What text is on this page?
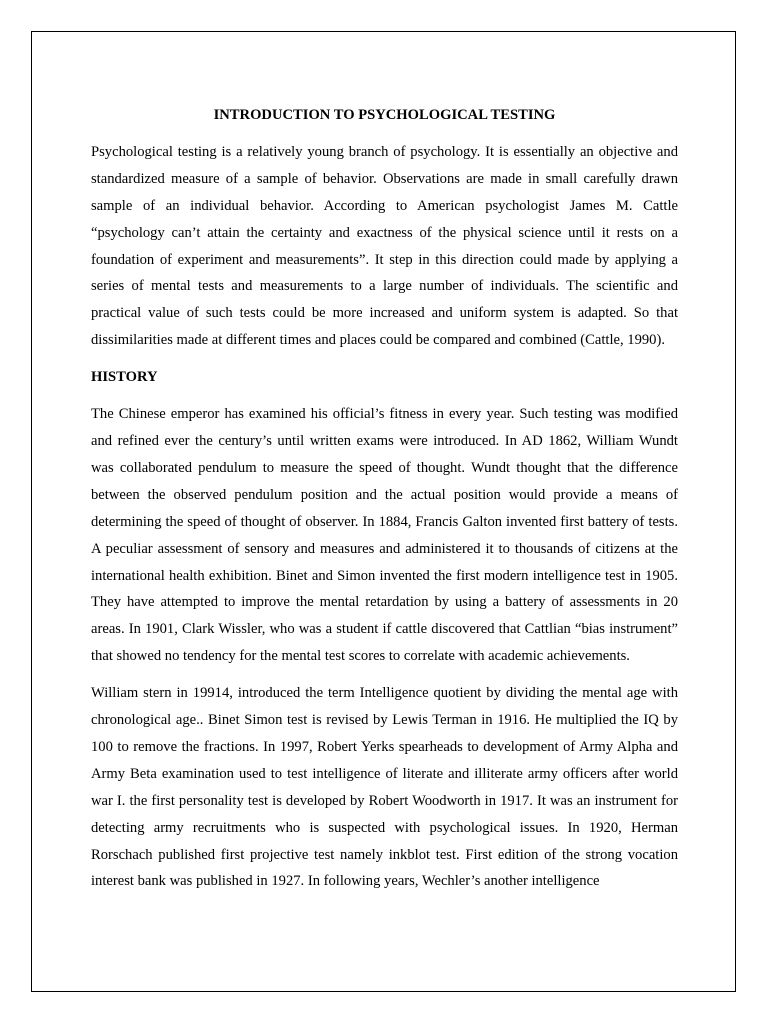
INTRODUCTION TO PSYCHOLOGICAL TESTING

Psychological testing is a relatively young branch of psychology. It is essentially an objective and standardized measure of a sample of behavior. Observations are made in small carefully drawn sample of an individual behavior. According to American psychologist James M. Cattle “psychology can’t attain the certainty and exactness of the physical science until it rests on a foundation of experiment and measurements”. It step in this direction could made by applying a series of mental tests and measurements to a large number of individuals. The scientific and practical value of such tests could be more increased and uniform system is adapted. So that dissimilarities made at different times and places could be compared and combined (Cattle, 1990).

HISTORY

The Chinese emperor has examined his official’s fitness in every year. Such testing was modified and refined ever the century’s until written exams were introduced. In AD 1862, William Wundt was collaborated pendulum to measure the speed of thought. Wundt thought that the difference between the observed pendulum position and the actual position would provide a means of determining the speed of thought of observer. In 1884, Francis Galton invented first battery of tests. A peculiar assessment of sensory and measures and administered it to thousands of citizens at the international health exhibition. Binet and Simon invented the first modern intelligence test in 1905. They have attempted to improve the mental retardation by using a battery of assessments in 20 areas. In 1901, Clark Wissler, who was a student if cattle discovered that Cattlian “bias instrument” that showed no tendency for the mental test scores to correlate with academic achievements.

William stern in 19914, introduced the term Intelligence quotient by dividing the mental age with chronological age.. Binet Simon test is revised by Lewis Terman in 1916. He multiplied the IQ by 100 to remove the fractions. In 1997, Robert Yerks spearheads to development of Army Alpha and Army Beta examination used to test intelligence of literate and illiterate army officers after world war I. the first personality test is developed by Robert Woodworth in 1917. It was an instrument for detecting army recruitments who is suspected with psychological issues. In 1920, Herman Rorschach published first projective test namely inkblot test. First edition of the strong vocation interest bank was published in 1927. In following years, Wechler’s another intelligence
